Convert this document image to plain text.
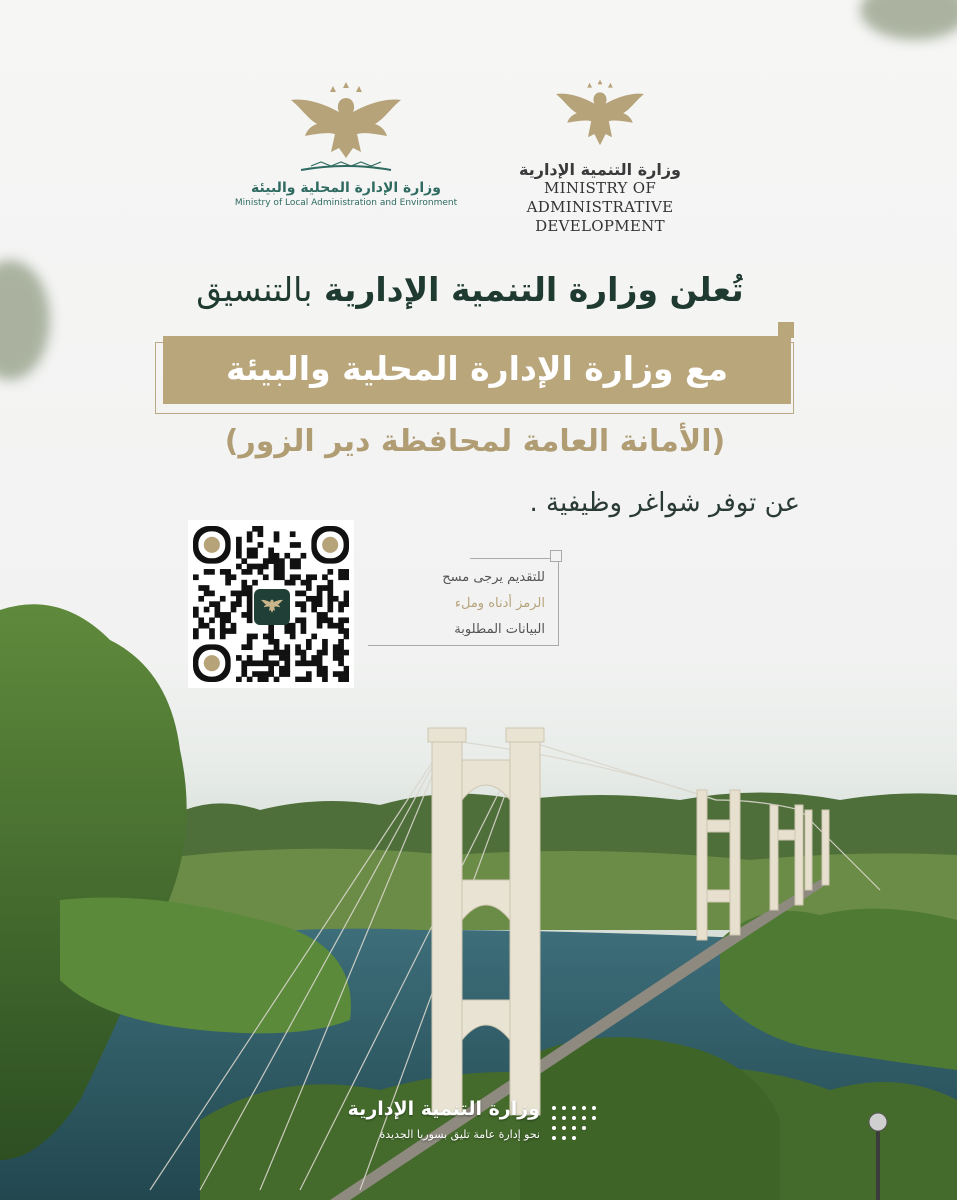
وزارة الإدارة المحلية والبيئة
Ministry of Local Administration and Environment
وزارة التنمية الإدارية
MINISTRY OF ADMINISTRATIVE
DEVELOPMENT
تُعلن وزارة التنمية الإدارية بالتنسيق
مع وزارة الإدارة المحلية والبيئة
(الأمانة العامة لمحافظة دير الزور)
عن توفر شواغر وظيفية .
للتقديم يرجى مسح
الرمز أدناه وملء
البيانات المطلوبة
وزارة التنمية الإدارية
نحو إدارة عامة تليق بسوريا الجديدة
